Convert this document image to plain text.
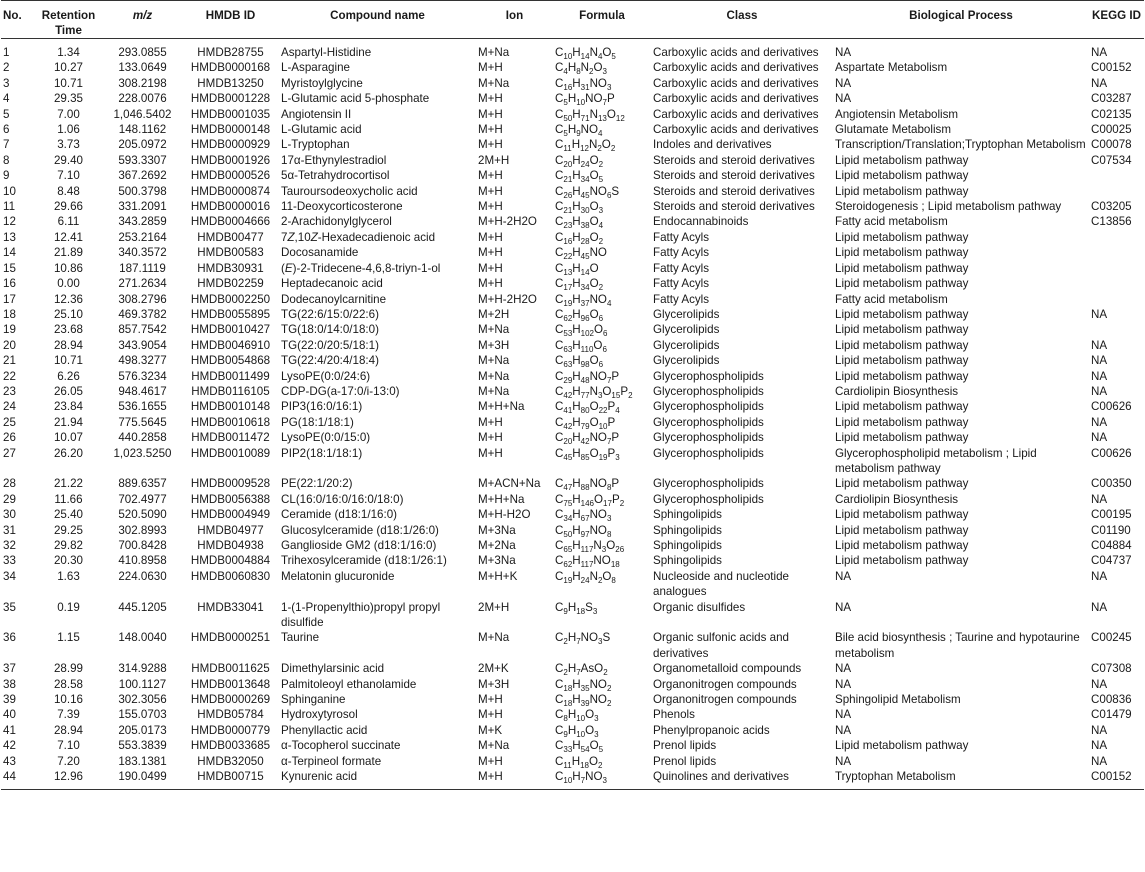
No.	Retention Time	m/z	HMDB ID	Compound name	Ion	Formula	Class	Biological Process	KEGG ID
1	1.34	293.0855	HMDB28755	Aspartyl-Histidine	M+Na	$C_{10}H_{14}N_4O_5$	Carboxylic acids and derivatives	NA	NA
2	10.27	133.0649	HMDB0000168	L-Asparagine	M+H	$C_4H_8N_2O_3$	Carboxylic acids and derivatives	Aspartate Metabolism	C00152
3	10.71	308.2198	HMDB13250	Myristoylglycine	M+Na	$C_{16}H_{31}NO_3$	Carboxylic acids and derivatives	NA	NA
4	29.35	228.0076	HMDB0001228	L-Glutamic acid 5-phosphate	M+H	$C_5H_{10}NO_7P$	Carboxylic acids and derivatives	NA	C03287
5	7.00	1,046.5402	HMDB0001035	Angiotensin II	M+H	$C_{50}H_{71}N_{13}O_{12}$	Carboxylic acids and derivatives	Angiotensin Metabolism	C02135
6	1.06	148.1162	HMDB0000148	L-Glutamic acid	M+H	$C_5H_9NO_4$	Carboxylic acids and derivatives	Glutamate Metabolism	C00025
7	3.73	205.0972	HMDB0000929	L-Tryptophan	M+H	$C_{11}H_{12}N_2O_2$	Indoles and derivatives	Transcription/Translation;Tryptophan Metabolism	C00078
8	29.40	593.3307	HMDB0001926	17α-Ethynylestradiol	2M+H	$C_{20}H_{24}O_2$	Steroids and steroid derivatives	Lipid metabolism pathway	C07534
9	7.10	367.2692	HMDB0000526	5α-Tetrahydrocortisol	M+H	$C_{21}H_{34}O_5$	Steroids and steroid derivatives	Lipid metabolism pathway	
10	8.48	500.3798	HMDB0000874	Tauroursodeoxycholic acid	M+H	$C_{26}H_{45}NO_6S$	Steroids and steroid derivatives	Lipid metabolism pathway	
11	29.66	331.2091	HMDB0000016	11-Deoxycorticosterone	M+H	$C_{21}H_{30}O_3$	Steroids and steroid derivatives	Steroidogenesis ; Lipid metabolism pathway	C03205
12	6.11	343.2859	HMDB0004666	2-Arachidonylglycerol	M+H-2H2O	$C_{23}H_{38}O_4$	Endocannabinoids	Fatty acid metabolism	C13856
13	12.41	253.2164	HMDB00477	7Z,10Z-Hexadecadienoic acid	M+H	$C_{16}H_{28}O_2$	Fatty Acyls	Lipid metabolism pathway	
14	21.89	340.3572	HMDB00583	Docosanamide	M+H	$C_{22}H_{45}NO$	Fatty Acyls	Lipid metabolism pathway	
15	10.86	187.1119	HMDB30931	(E)-2-Tridecene-4,6,8-triyn-1-ol	M+H	$C_{13}H_{14}O$	Fatty Acyls	Lipid metabolism pathway	
16	0.00	271.2634	HMDB02259	Heptadecanoic acid	M+H	$C_{17}H_{34}O_2$	Fatty Acyls	Lipid metabolism pathway	
17	12.36	308.2796	HMDB0002250	Dodecanoylcarnitine	M+H-2H2O	$C_{19}H_{37}NO_4$	Fatty Acyls	Fatty acid metabolism	
18	25.10	469.3782	HMDB0055895	TG(22:6/15:0/22:6)	M+2H	$C_{62}H_{96}O_6$	Glycerolipids	Lipid metabolism pathway	NA
19	23.68	857.7542	HMDB0010427	TG(18:0/14:0/18:0)	M+Na	$C_{53}H_{102}O_6$	Glycerolipids	Lipid metabolism pathway	
20	28.94	343.9054	HMDB0046910	TG(22:0/20:5/18:1)	M+3H	$C_{63}H_{110}O_6$	Glycerolipids	Lipid metabolism pathway	NA
21	10.71	498.3277	HMDB0054868	TG(22:4/20:4/18:4)	M+Na	$C_{63}H_{98}O_6$	Glycerolipids	Lipid metabolism pathway	NA
22	6.26	576.3234	HMDB0011499	LysoPE(0:0/24:6)	M+Na	$C_{29}H_{48}NO_7P$	Glycerophospholipids	Lipid metabolism pathway	NA
23	26.05	948.4617	HMDB0116105	CDP-DG(a-17:0/i-13:0)	M+Na	$C_{42}H_{77}N_3O_{15}P_2$	Glycerophospholipids	Cardiolipin Biosynthesis	NA
24	23.84	536.1655	HMDB0010148	PIP3(16:0/16:1)	M+H+Na	$C_{41}H_{80}O_{22}P_4$	Glycerophospholipids	Lipid metabolism pathway	C00626
25	21.94	775.5645	HMDB0010618	PG(18:1/18:1)	M+H	$C_{42}H_{79}O_{10}P$	Glycerophospholipids	Lipid metabolism pathway	NA
26	10.07	440.2858	HMDB0011472	LysoPE(0:0/15:0)	M+H	$C_{20}H_{42}NO_7P$	Glycerophospholipids	Lipid metabolism pathway	NA
27	26.20	1,023.5250	HMDB0010089	PIP2(18:1/18:1)	M+H	$C_{45}H_{85}O_{19}P_3$	Glycerophospholipids	Glycerophospholipid metabolism ; Lipid metabolism pathway	C00626
28	21.22	889.6357	HMDB0009528	PE(22:1/20:2)	M+ACN+Na	$C_{47}H_{88}NO_8P$	Glycerophospholipids	Lipid metabolism pathway	C00350
29	11.66	702.4977	HMDB0056388	CL(16:0/16:0/16:0/18:0)	M+H+Na	$C_{75}H_{146}O_{17}P_2$	Glycerophospholipids	Cardiolipin Biosynthesis	NA
30	25.40	520.5090	HMDB0004949	Ceramide (d18:1/16:0)	M+H-H2O	$C_{34}H_{67}NO_3$	Sphingolipids	Lipid metabolism pathway	C00195
31	29.25	302.8993	HMDB04977	Glucosylceramide (d18:1/26:0)	M+3Na	$C_{50}H_{97}NO_8$	Sphingolipids	Lipid metabolism pathway	C01190
32	29.82	700.8428	HMDB04938	Ganglioside GM2 (d18:1/16:0)	M+2Na	$C_{65}H_{117}N_3O_{26}$	Sphingolipids	Lipid metabolism pathway	C04884
33	20.30	410.8958	HMDB0004884	Trihexosylceramide (d18:1/26:1)	M+3Na	$C_{62}H_{117}NO_{18}$	Sphingolipids	Lipid metabolism pathway	C04737
34	1.63	224.0630	HMDB0060830	Melatonin glucuronide	M+H+K	$C_{19}H_{24}N_2O_8$	Nucleoside and nucleotide analogues	NA	NA
35	0.19	445.1205	HMDB33041	1-(1-Propenylthio)propyl propyl disulfide	2M+H	$C_9H_{18}S_3$	Organic disulfides	NA	NA
36	1.15	148.0040	HMDB0000251	Taurine	M+Na	$C_2H_7NO_3S$	Organic sulfonic acids and derivatives	Bile acid biosynthesis ; Taurine and hypotaurine metabolism	C00245
37	28.99	314.9288	HMDB0011625	Dimethylarsinic acid	2M+K	$C_2H_7AsO_2$	Organometalloid compounds	NA	C07308
38	28.58	100.1127	HMDB0013648	Palmitoleoyl ethanolamide	M+3H	$C_{18}H_{35}NO_2$	Organonitrogen compounds	NA	NA
39	10.16	302.3056	HMDB0000269	Sphinganine	M+H	$C_{18}H_{39}NO_2$	Organonitrogen compounds	Sphingolipid Metabolism	C00836
40	7.39	155.0703	HMDB05784	Hydroxytyrosol	M+H	$C_8H_{10}O_3$	Phenols	NA	C01479
41	28.94	205.0173	HMDB0000779	Phenyllactic acid	M+K	$C_9H_{10}O_3$	Phenylpropanoic acids	NA	NA
42	7.10	553.3839	HMDB0033685	α-Tocopherol succinate	M+Na	$C_{33}H_{54}O_5$	Prenol lipids	Lipid metabolism pathway	NA
43	7.20	183.1381	HMDB32050	α-Terpineol formate	M+H	$C_{11}H_{18}O_2$	Prenol lipids	NA	NA
44	12.96	190.0499	HMDB00715	Kynurenic acid	M+H	$C_{10}H_7NO_3$	Quinolines and derivatives	Tryptophan Metabolism	C00152
